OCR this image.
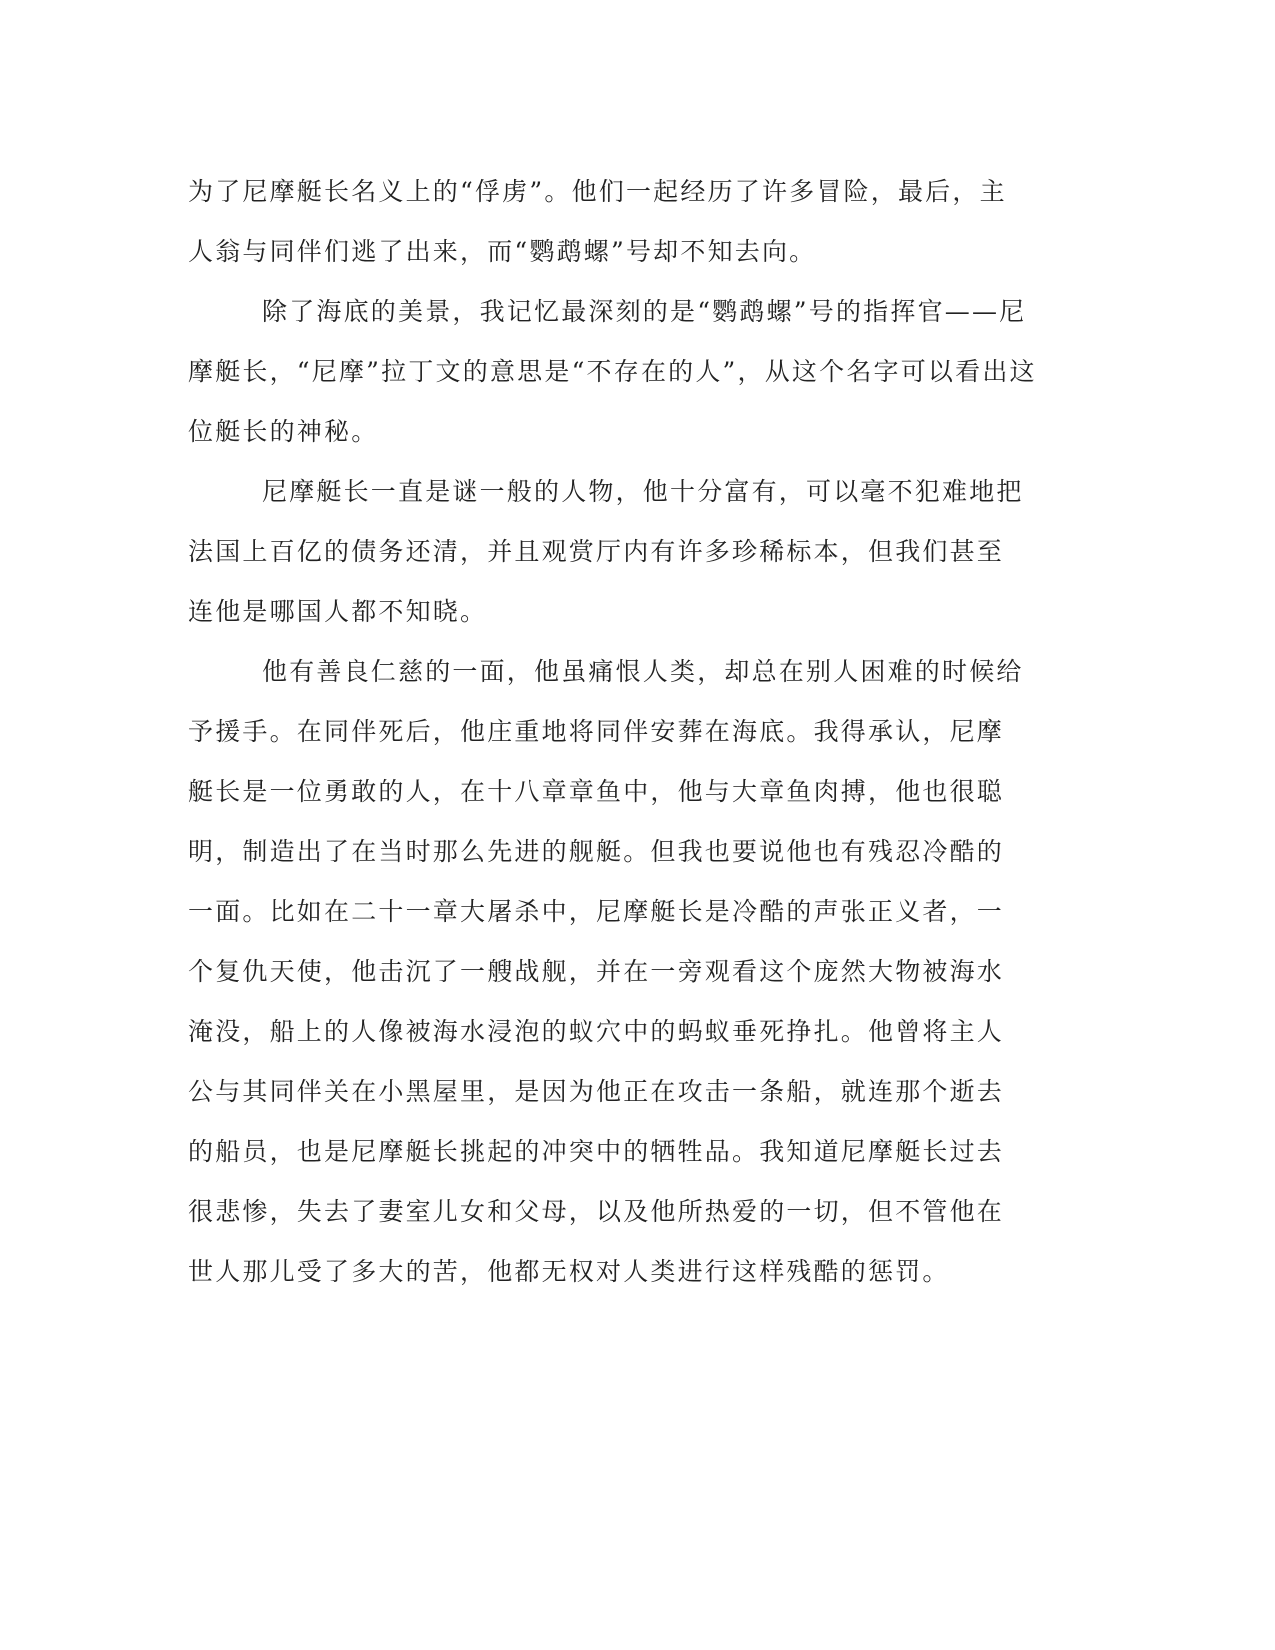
为了尼摩艇长名义上的“俘虏”。他们一起经历了许多冒险，最后，主
人翁与同伴们逃了出来，而“鹦鹉螺”号却不知去向。
除了海底的美景，我记忆最深刻的是“鹦鹉螺”号的指挥官——尼
摩艇长，“尼摩”拉丁文的意思是“不存在的人”，从这个名字可以看出这
位艇长的神秘。
尼摩艇长一直是谜一般的人物，他十分富有，可以毫不犯难地把
法国上百亿的债务还清，并且观赏厅内有许多珍稀标本，但我们甚至
连他是哪国人都不知晓。
他有善良仁慈的一面，他虽痛恨人类，却总在别人困难的时候给
予援手。在同伴死后，他庄重地将同伴安葬在海底。我得承认，尼摩
艇长是一位勇敢的人，在十八章章鱼中，他与大章鱼肉搏，他也很聪
明，制造出了在当时那么先进的舰艇。但我也要说他也有残忍冷酷的
一面。比如在二十一章大屠杀中，尼摩艇长是冷酷的声张正义者，一
个复仇天使，他击沉了一艘战舰，并在一旁观看这个庞然大物被海水
淹没，船上的人像被海水浸泡的蚁穴中的蚂蚁垂死挣扎。他曾将主人
公与其同伴关在小黑屋里，是因为他正在攻击一条船，就连那个逝去
的船员，也是尼摩艇长挑起的冲突中的牺牲品。我知道尼摩艇长过去
很悲惨，失去了妻室儿女和父母，以及他所热爱的一切，但不管他在
世人那儿受了多大的苦，他都无权对人类进行这样残酷的惩罚。
